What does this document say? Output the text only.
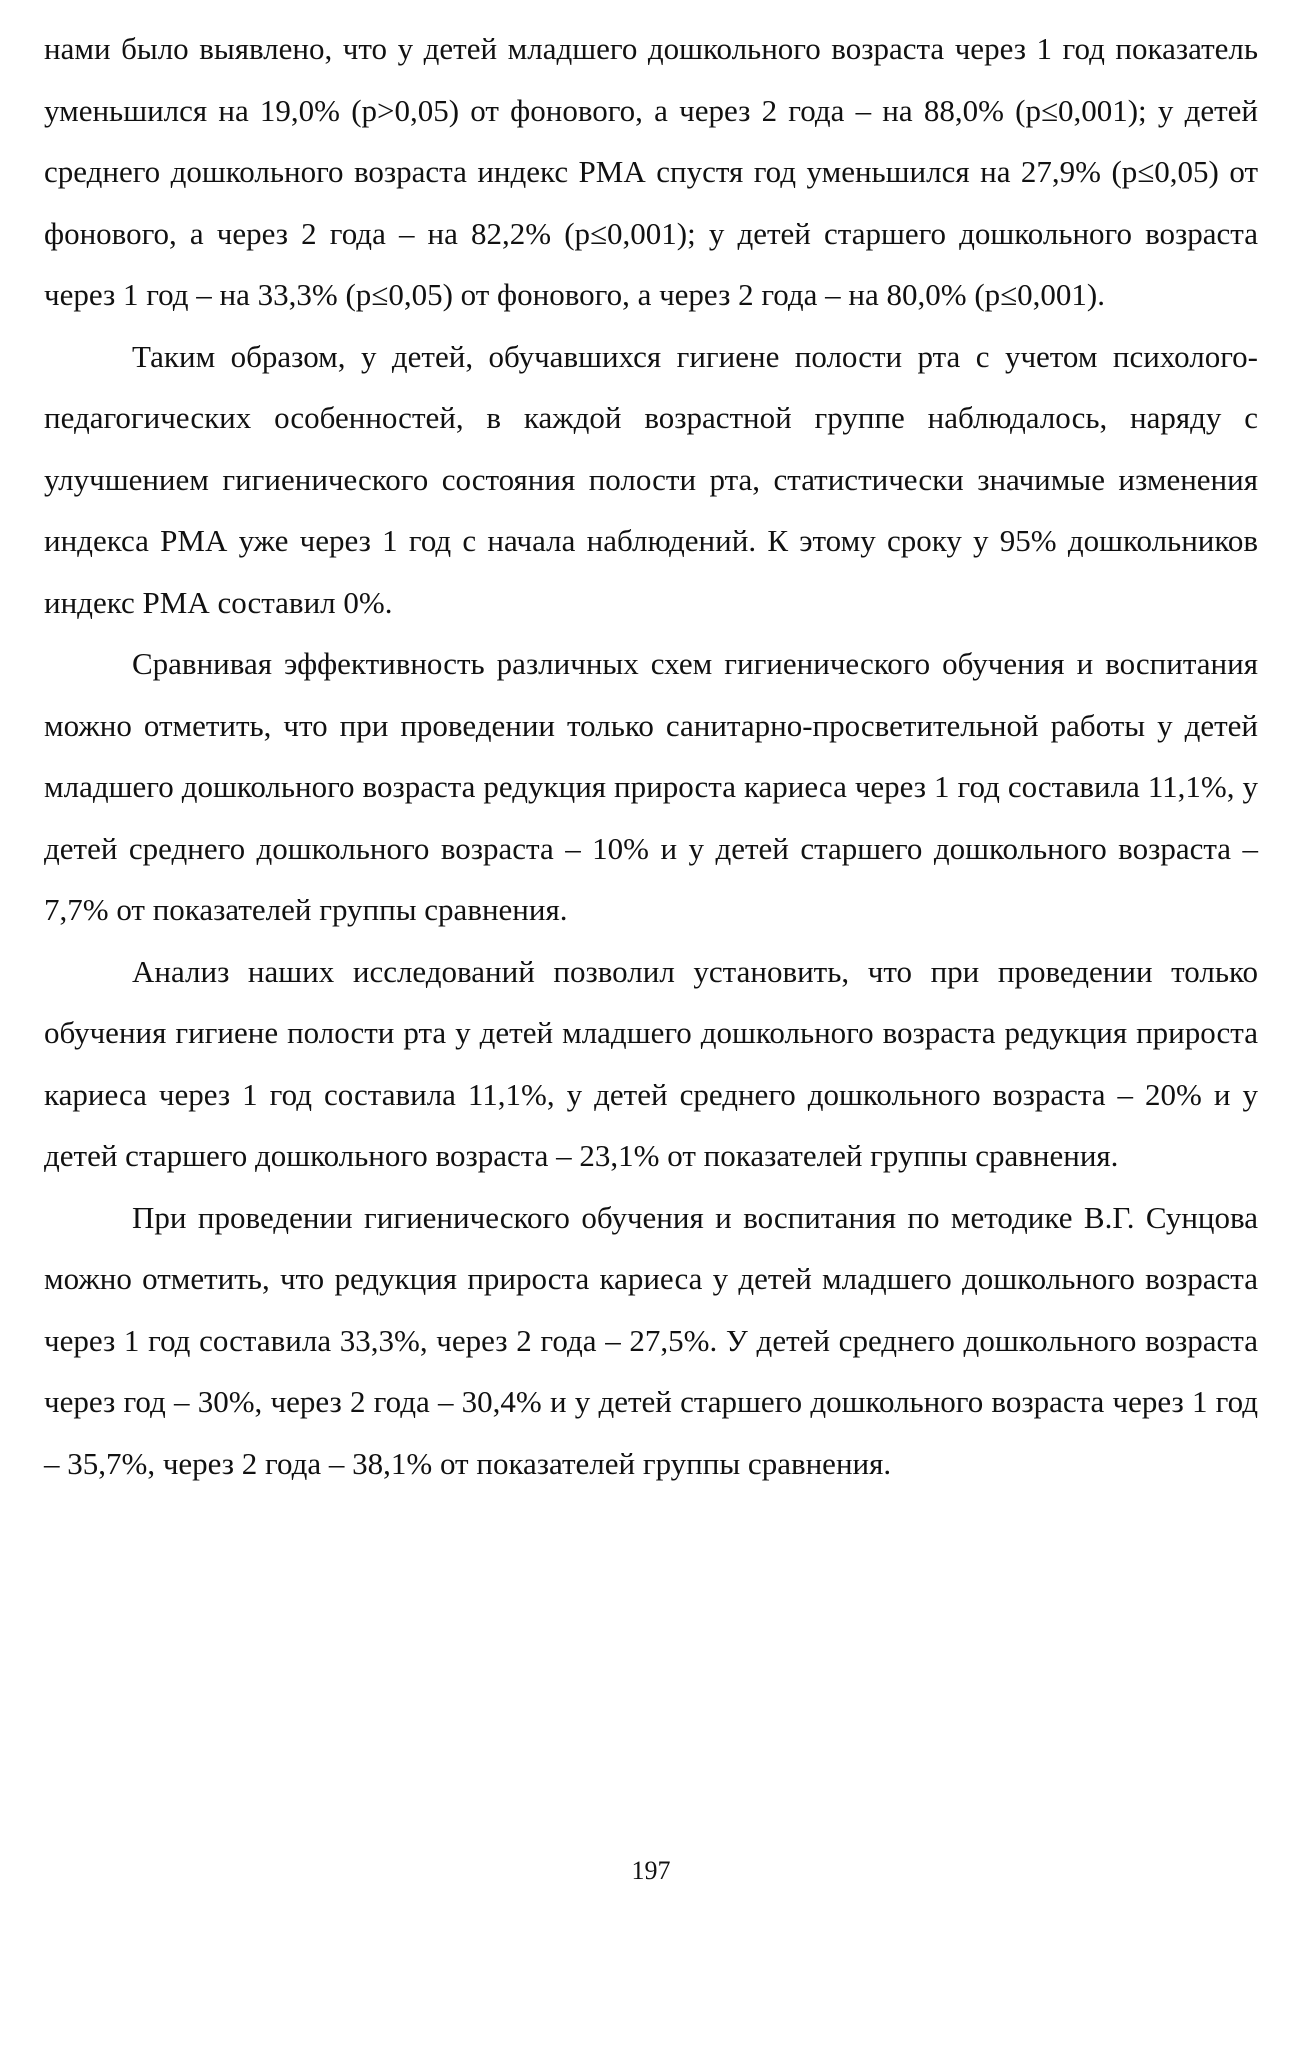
нами было выявлено, что у детей младшего дошкольного возраста через 1 год показатель уменьшился на 19,0% (р>0,05) от фонового, а через 2 года – на 88,0% (р≤0,001); у детей среднего дошкольного возраста индекс РМА спустя год уменьшился на 27,9% (р≤0,05) от фонового, а через 2 года – на 82,2% (р≤0,001); у детей старшего дошкольного возраста через 1 год – на 33,3% (р≤0,05) от фонового, а через 2 года – на 80,0% (р≤0,001).

Таким образом, у детей, обучавшихся гигиене полости рта с учетом психолого-педагогических особенностей, в каждой возрастной группе наблюдалось, наряду с улучшением гигиенического состояния полости рта, статистически значимые изменения индекса РМА уже через 1 год с начала наблюдений. К этому сроку у 95% дошкольников индекс РМА составил 0%.

Сравнивая эффективность различных схем гигиенического обучения и воспитания можно отметить, что при проведении только санитарно-просветительной работы у детей младшего дошкольного возраста редукция прироста кариеса через 1 год составила 11,1%, у детей среднего дошкольного возраста – 10% и у детей старшего дошкольного возраста – 7,7% от показателей группы сравнения.

Анализ наших исследований позволил установить, что при проведении только обучения гигиене полости рта у детей младшего дошкольного возраста редукция прироста кариеса через 1 год составила 11,1%, у детей среднего дошкольного возраста – 20% и у детей старшего дошкольного возраста – 23,1% от показателей группы сравнения.

При проведении гигиенического обучения и воспитания по методике В.Г. Сунцова можно отметить, что редукция прироста кариеса у детей младшего дошкольного возраста через 1 год составила 33,3%, через 2 года – 27,5%. У детей среднего дошкольного возраста через год – 30%, через 2 года – 30,4% и у детей старшего дошкольного возраста через 1 год – 35,7%, через 2 года – 38,1% от показателей группы сравнения.

197
